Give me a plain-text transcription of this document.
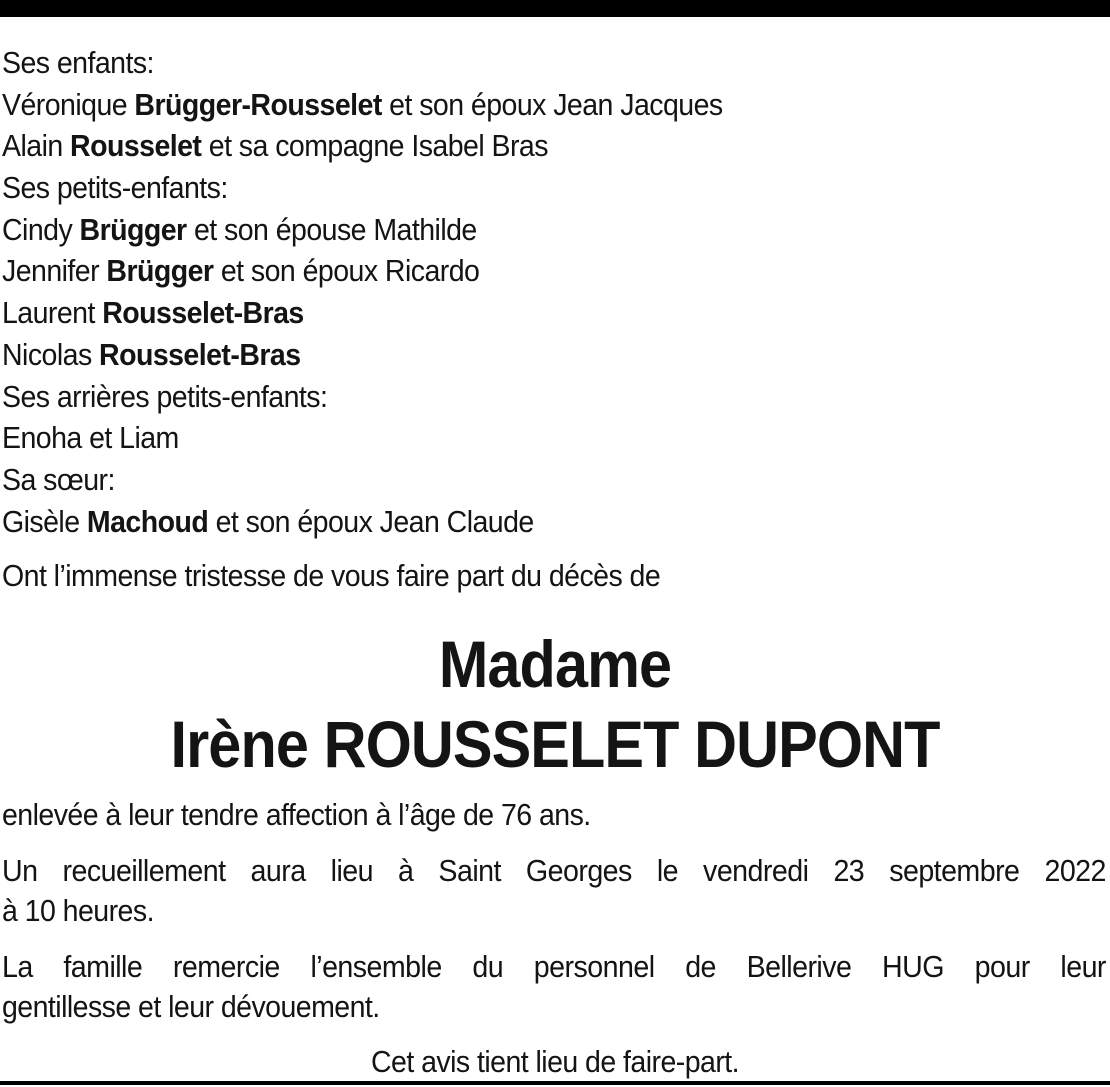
Ses enfants:
Véronique Brügger-Rousselet et son époux Jean Jacques
Alain Rousselet et sa compagne Isabel Bras
Ses petits-enfants:
Cindy Brügger et son épouse Mathilde
Jennifer Brügger et son époux Ricardo
Laurent Rousselet-Bras
Nicolas Rousselet-Bras
Ses arrières petits-enfants:
Enoha et Liam
Sa sœur:
Gisèle Machoud et son époux Jean Claude
Ont l’immense tristesse de vous faire part du décès de
Madame
Irène ROUSSELET DUPONT
enlevée à leur tendre affection à l’âge de 76 ans.
Un recueillement aura lieu à Saint Georges le vendredi 23 septembre 2022
à 10 heures.
La famille remercie l’ensemble du personnel de Bellerive HUG pour leur
gentillesse et leur dévouement.
Cet avis tient lieu de faire-part.
